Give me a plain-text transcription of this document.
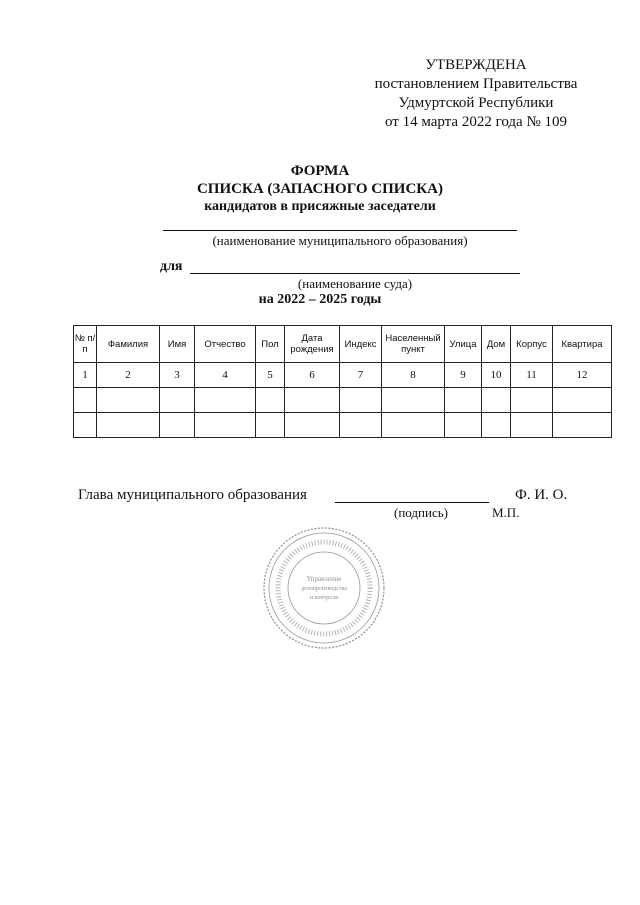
УТВЕРЖДЕНА
постановлением Правительства
Удмуртской Республики
от 14 марта 2022 года № 109
ФОРМА
СПИСКА (ЗАПАСНОГО СПИСКА)
кандидатов в присяжные заседатели
(наименование муниципального образования)
для
(наименование суда)
на 2022 – 2025 годы
№ п/п	Фамилия	Имя	Отчество	Пол	Дата рождения	Индекс	Населенный пункт	Улица	Дом	Корпус	Квартира
1	2	3	4	5	6	7	8	9	10	11	12

Глава муниципального образования	Ф. И. О.
(подпись)	М.П.
Управление
делопроизводства
и контроля
